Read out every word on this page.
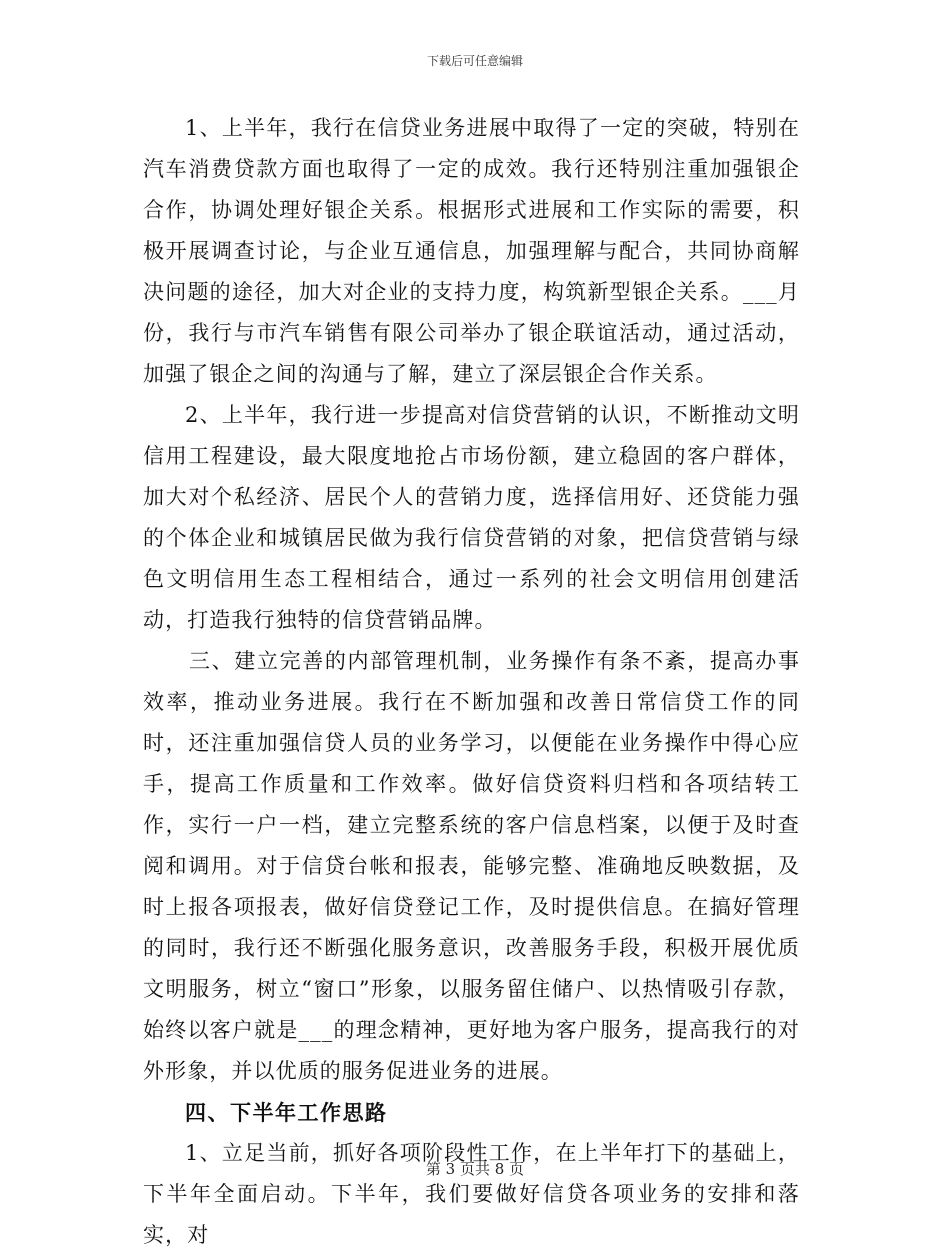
下载后可任意编辑

1、上半年，我行在信贷业务进展中取得了一定的突破，特别在汽车消费贷款方面也取得了一定的成效。我行还特别注重加强银企合作，协调处理好银企关系。根据形式进展和工作实际的需要，积极开展调查讨论，与企业互通信息，加强理解与配合，共同协商解决问题的途径，加大对企业的支持力度，构筑新型银企关系。___月份，我行与市汽车销售有限公司举办了银企联谊活动，通过活动，加强了银企之间的沟通与了解，建立了深层银企合作关系。

2、上半年，我行进一步提高对信贷营销的认识，不断推动文明信用工程建设，最大限度地抢占市场份额，建立稳固的客户群体，加大对个私经济、居民个人的营销力度，选择信用好、还贷能力强的个体企业和城镇居民做为我行信贷营销的对象，把信贷营销与绿色文明信用生态工程相结合，通过一系列的社会文明信用创建活动，打造我行独特的信贷营销品牌。

三、建立完善的内部管理机制，业务操作有条不紊，提高办事效率，推动业务进展。我行在不断加强和改善日常信贷工作的同时，还注重加强信贷人员的业务学习，以便能在业务操作中得心应手，提高工作质量和工作效率。做好信贷资料归档和各项结转工作，实行一户一档，建立完整系统的客户信息档案，以便于及时查阅和调用。对于信贷台帐和报表，能够完整、准确地反映数据，及时上报各项报表，做好信贷登记工作，及时提供信息。在搞好管理的同时，我行还不断强化服务意识，改善服务手段，积极开展优质文明服务，树立“窗口”形象，以服务留住储户、以热情吸引存款，始终以客户就是___的理念精神，更好地为客户服务，提高我行的对外形象，并以优质的服务促进业务的进展。

四、下半年工作思路

1、立足当前，抓好各项阶段性工作，在上半年打下的基础上，下半年全面启动。下半年，我们要做好信贷各项业务的安排和落实，对

第 3 页共 8 页
